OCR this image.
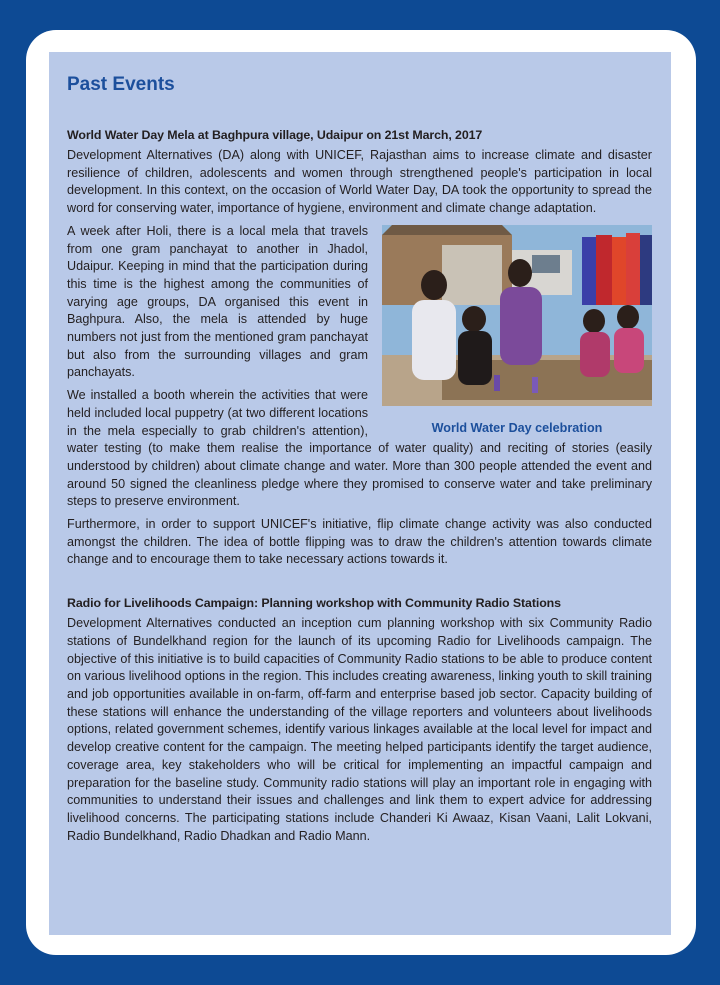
Past Events
World Water Day Mela at Baghpura village, Udaipur on 21st March, 2017

Development Alternatives (DA) along with UNICEF, Rajasthan aims to increase climate and disaster resilience of children, adolescents and women through strengthened people's participation in local development. In this context, on the occasion of World Water Day, DA took the opportunity to spread the word for conserving water, importance of hygiene, environment and climate change adaptation.

World Water Day celebration

A week after Holi, there is a local mela that travels from one gram panchayat to another in Jhadol, Udaipur. Keeping in mind that the participation during this time is the highest among the communities of varying age groups, DA organised this event in Baghpura. Also, the mela is attended by huge numbers not just from the mentioned gram panchayat but also from the surrounding villages and gram panchayats.

We installed a booth wherein the activities that were held included local puppetry (at two different locations in the mela especially to grab children's attention), water testing (to make them realise the importance of water quality) and reciting of stories (easily understood by children) about climate change and water. More than 300 people attended the event and around 50 signed the cleanliness pledge where they promised to conserve water and take preliminary steps to preserve environment.

Furthermore, in order to support UNICEF's initiative, flip climate change activity was also conducted amongst the children. The idea of bottle flipping was to draw the children's attention towards climate change and to encourage them to take necessary actions towards it.

Radio for Livelihoods Campaign: Planning workshop with Community Radio Stations

Development Alternatives conducted an inception cum planning workshop with six Community Radio stations of Bundelkhand region for the launch of its upcoming Radio for Livelihoods campaign. The objective of this initiative is to build capacities of Community Radio stations to be able to produce content on various livelihood options in the region. This includes creating awareness, linking youth to skill training and job opportunities available in on-farm, off-farm and enterprise based job sector. Capacity building of these stations will enhance the understanding of the village reporters and volunteers about livelihoods options, related government schemes, identify various linkages available at the local level for impact and develop creative content for the campaign. The meeting helped participants identify the target audience, coverage area, key stakeholders who will be critical for implementing an impactful campaign and preparation for the baseline study. Community radio stations will play an important role in engaging with communities to understand their issues and challenges and link them to expert advice for addressing livelihood concerns. The participating stations include Chanderi Ki Awaaz, Kisan Vaani, Lalit Lokvani, Radio Bundelkhand, Radio Dhadkan and Radio Mann.
